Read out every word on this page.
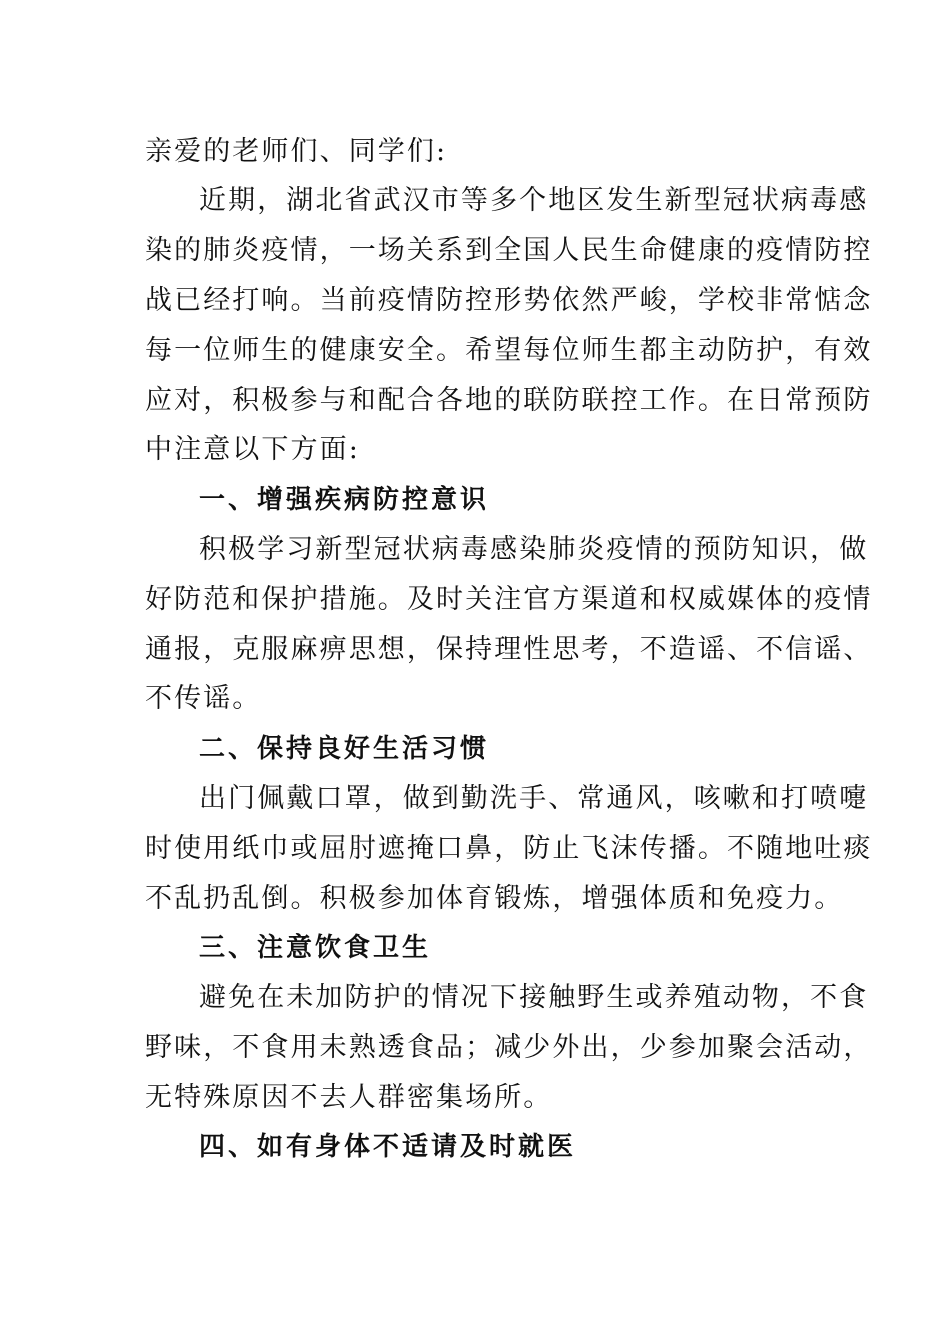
亲爱的老师们、同学们:
近期，湖北省武汉市等多个地区发生新型冠状病毒感
染的肺炎疫情，一场关系到全国人民生命健康的疫情防控
战已经打响。当前疫情防控形势依然严峻，学校非常惦念
每一位师生的健康安全。希望每位师生都主动防护，有效
应对，积极参与和配合各地的联防联控工作。在日常预防
中注意以下方面:
一、增强疾病防控意识
积极学习新型冠状病毒感染肺炎疫情的预防知识，做
好防范和保护措施。及时关注官方渠道和权威媒体的疫情
通报，克服麻痹思想，保持理性思考，不造谣、不信谣、
不传谣。
二、保持良好生活习惯
出门佩戴口罩，做到勤洗手、常通风，咳嗽和打喷嚏
时使用纸巾或屈肘遮掩口鼻，防止飞沫传播。不随地吐痰
不乱扔乱倒。积极参加体育锻炼，增强体质和免疫力。
三、注意饮食卫生
避免在未加防护的情况下接触野生或养殖动物，不食
野味，不食用未熟透食品；减少外出，少参加聚会活动，
无特殊原因不去人群密集场所。
四、如有身体不适请及时就医
